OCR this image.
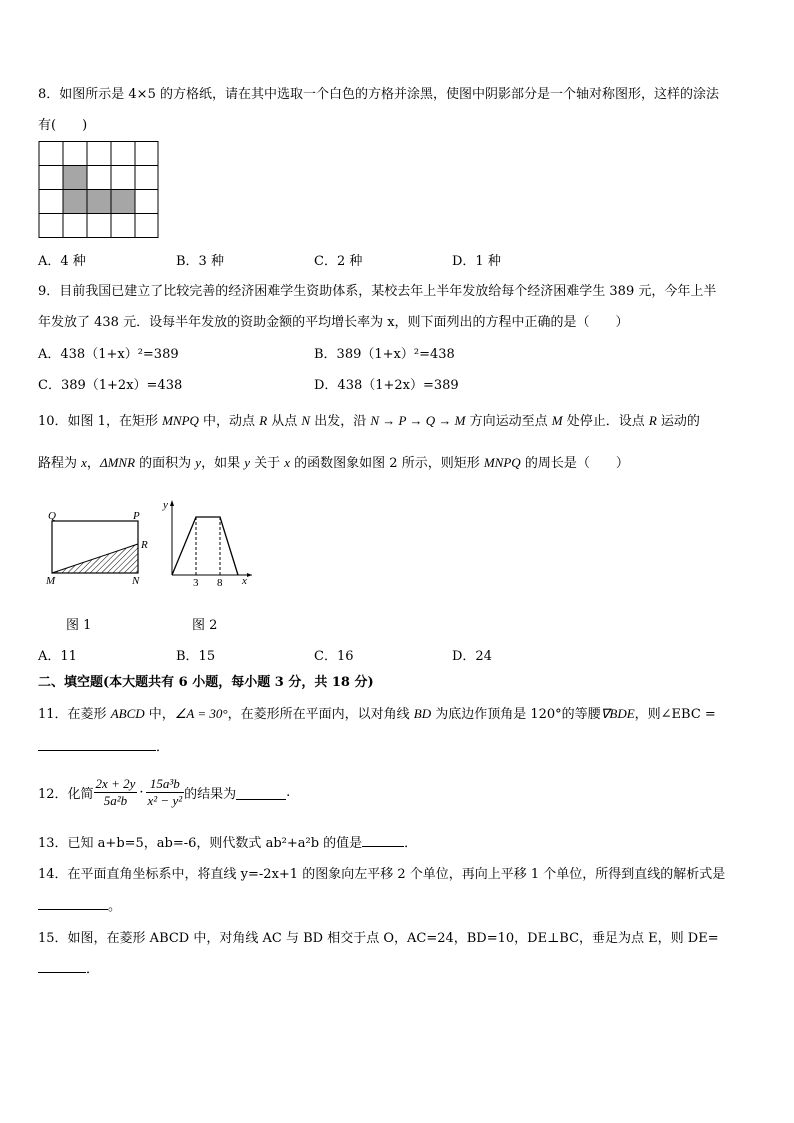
8．如图所示是 4×5 的方格纸，请在其中选取一个白色的方格并涂黑，使图中阴影部分是一个轴对称图形，这样的涂法
有(　　)
A．4 种	B．3 种	C．2 种	D．1 种
9．目前我国已建立了比较完善的经济困难学生资助体系，某校去年上半年发放给每个经济困难学生 389 元，今年上半
年发放了 438 元．设每半年发放的资助金额的平均增长率为 x，则下面列出的方程中正确的是（　　）
A．438（1+x）²=389	B．389（1+x）²=438
C．389（1+2x）=438	D．438（1+2x）=389
10．如图 1，在矩形 MNPQ 中，动点 R 从点 N 出发，沿 N → P → Q → M 方向运动至点 M 处停止．设点 R 运动的
路程为 x，ΔMNR 的面积为 y，如果 y 关于 x 的函数图象如图 2 所示，则矩形 MNPQ 的周长是（　　）
Q	P
R
M	N
y
x
3 8
图 1	图 2
A．11	B．15	C．16	D．24
二、填空题(本大题共有 6 小题，每小题 3 分，共 18 分)
11．在菱形 ABCD 中，∠A = 30°，在菱形所在平面内，以对角线 BD 为底边作顶角是 120°的等腰∇BDE，则∠EBC =
．
12．化简 $\frac{2x + 2y}{\text{5a²b}} \cdot \frac{\text{15a³b}}{\text{x² − y²}}$ 的结果为	.
13．已知 a+b=5，ab=-6，则代数式 ab²+a²b 的值是	．
14．在平面直角坐标系中，将直线 y=-2x+1 的图象向左平移 2 个单位，再向上平移 1 个单位，所得到直线的解析式是
。
15．如图，在菱形 ABCD 中，对角线 AC 与 BD 相交于点 O，AC=24，BD=10，DE⊥BC，垂足为点 E，则 DE=
．
